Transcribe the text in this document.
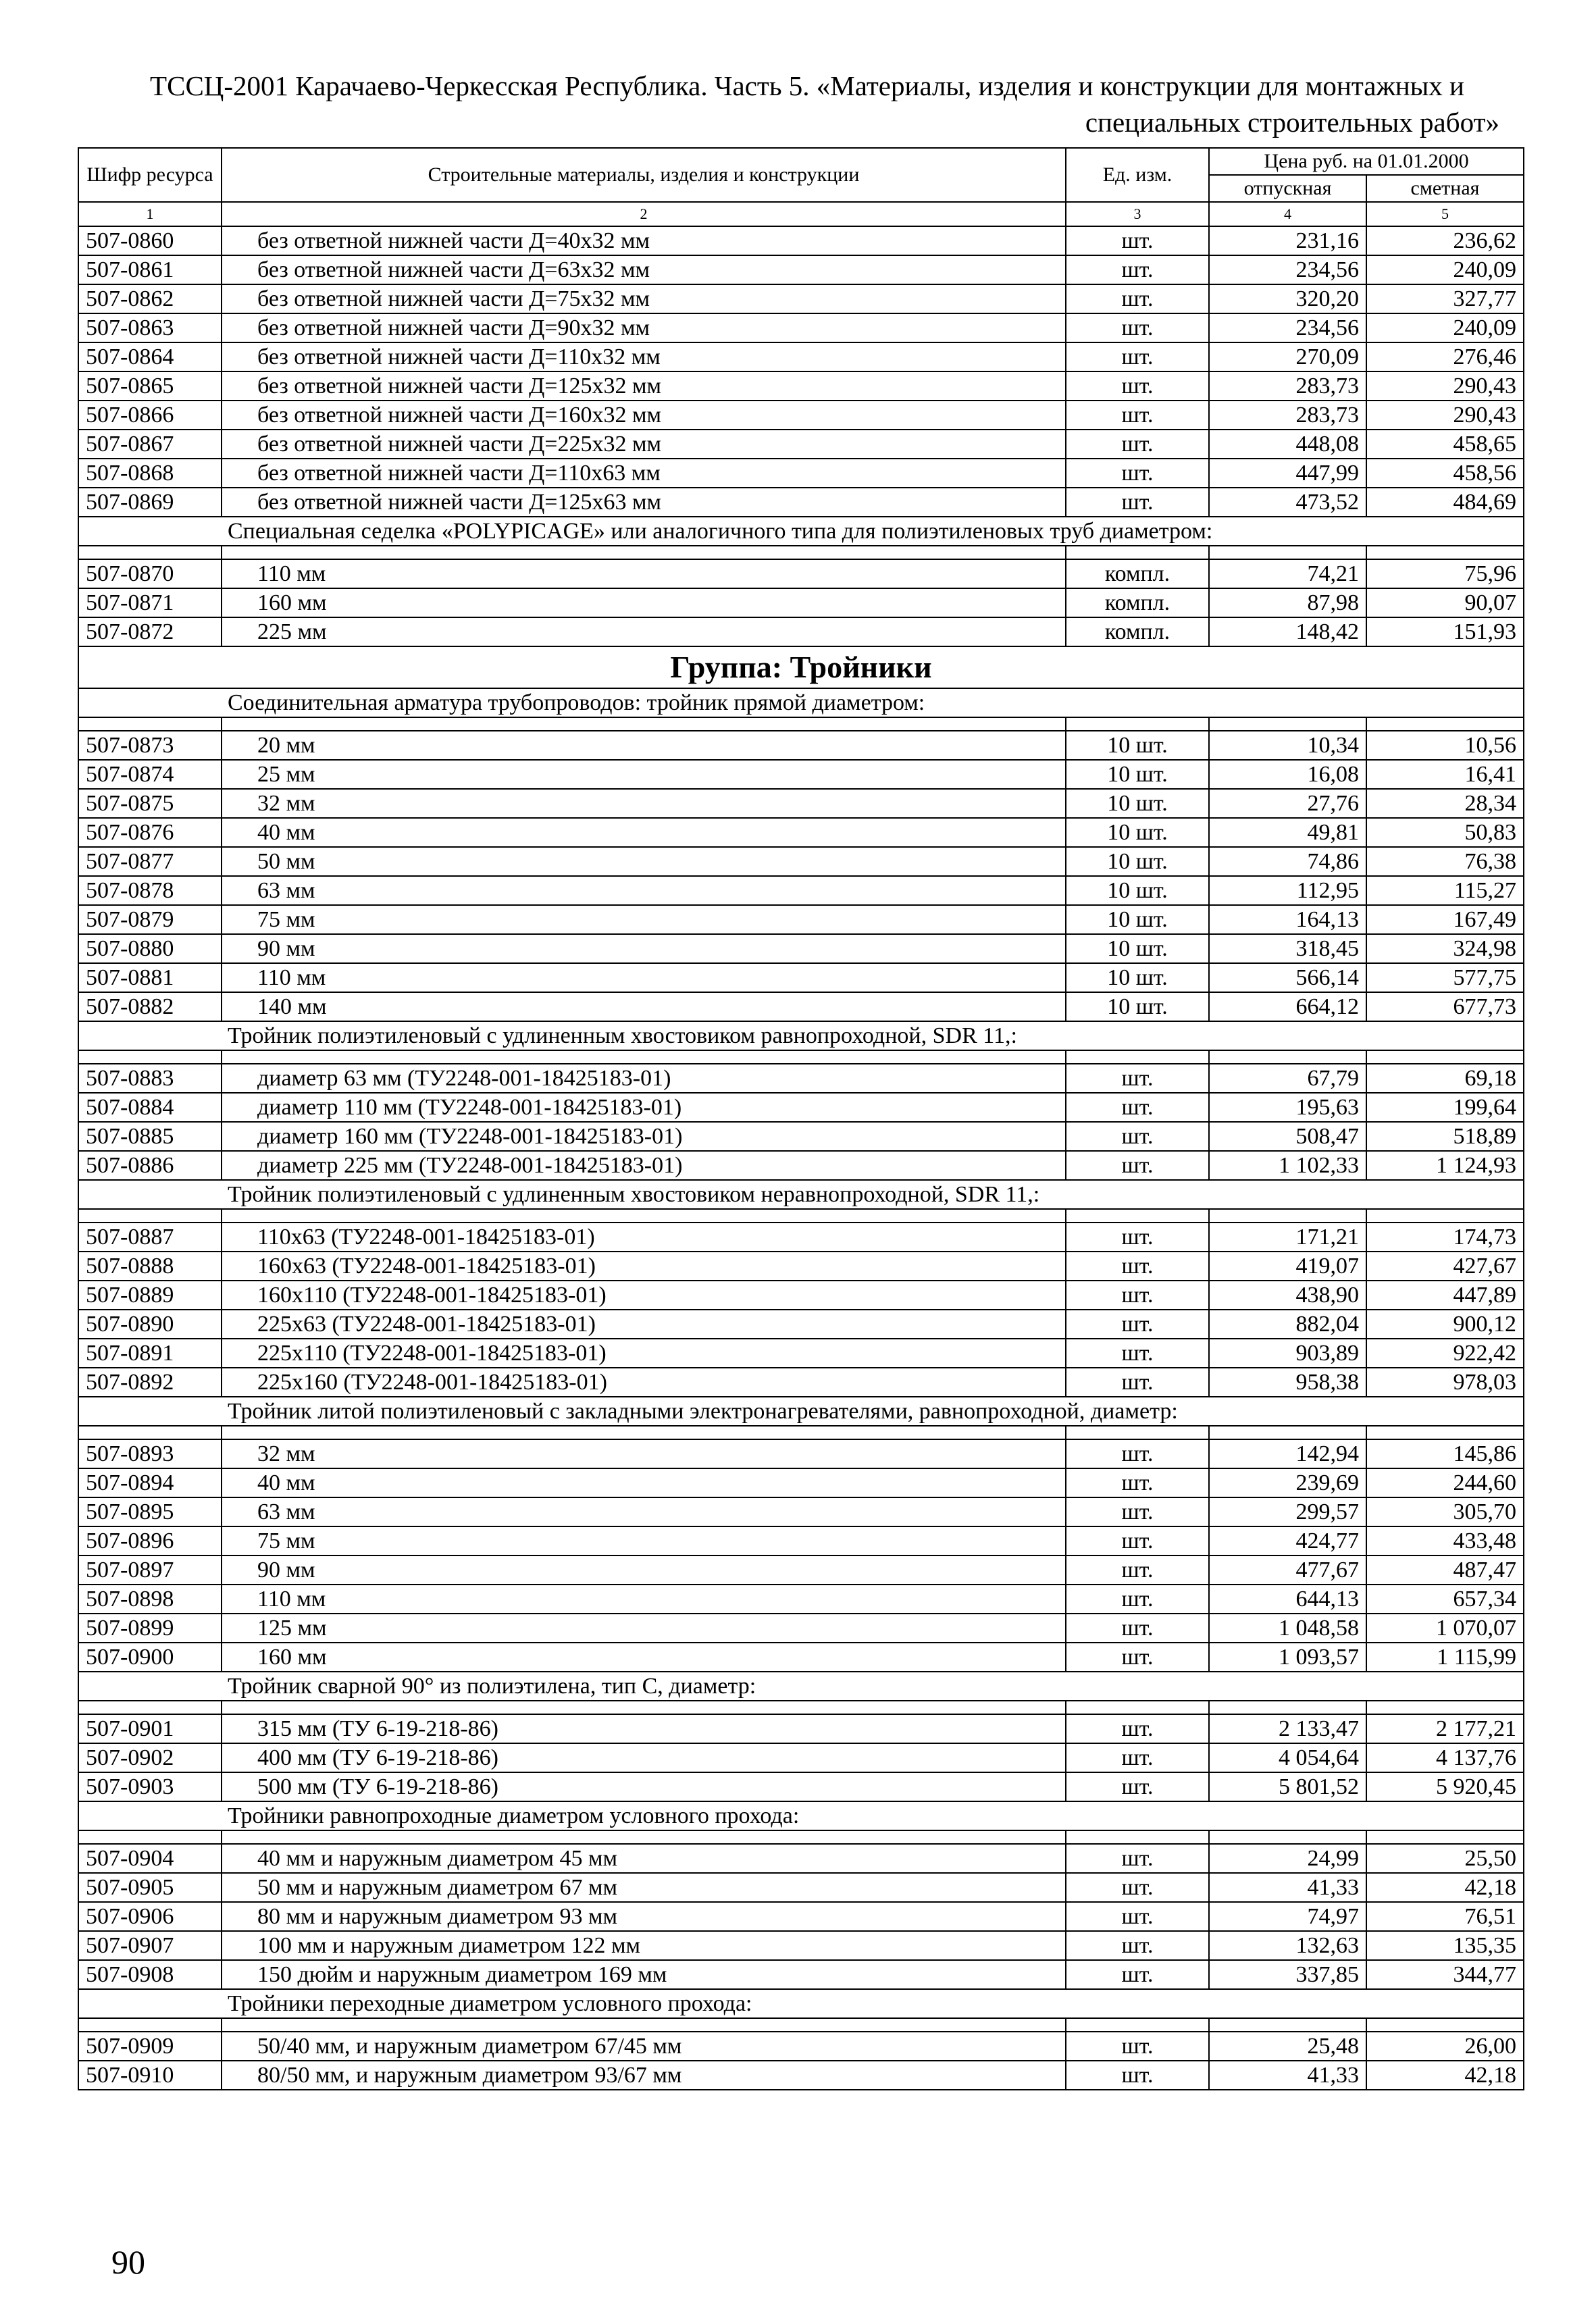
ТССЦ-2001 Карачаево-Черкесская Республика. Часть 5. «Материалы, изделия и конструкции для монтажных и
специальных строительных работ»
Шифр ресурса	Строительные материалы, изделия и конструкции	Ед. изм.	Цена руб. на 01.01.2000	
			отпускная	сметная
1	2	3	4	5
507-0860	без ответной нижней части Д=40х32 мм	шт.	231,16	236,62
507-0861	без ответной нижней части Д=63х32 мм	шт.	234,56	240,09
507-0862	без ответной нижней части Д=75х32 мм	шт.	320,20	327,77
507-0863	без ответной нижней части Д=90х32 мм	шт.	234,56	240,09
507-0864	без ответной нижней части Д=110х32 мм	шт.	270,09	276,46
507-0865	без ответной нижней части Д=125х32 мм	шт.	283,73	290,43
507-0866	без ответной нижней части Д=160х32 мм	шт.	283,73	290,43
507-0867	без ответной нижней части Д=225х32 мм	шт.	448,08	458,65
507-0868	без ответной нижней части Д=110х63 мм	шт.	447,99	458,56
507-0869	без ответной нижней части Д=125х63 мм	шт.	473,52	484,69
Специальная седелка «POLYPICAGE» или аналогичного типа для полиэтиленовых труб диаметром:				

507-0870	110 мм	компл.	74,21	75,96
507-0871	160 мм	компл.	87,98	90,07
507-0872	225 мм	компл.	148,42	151,93
Группа: Тройники				
Соединительная арматура трубопроводов: тройник прямой диаметром:				

507-0873	20 мм	10 шт.	10,34	10,56
507-0874	25 мм	10 шт.	16,08	16,41
507-0875	32 мм	10 шт.	27,76	28,34
507-0876	40 мм	10 шт.	49,81	50,83
507-0877	50 мм	10 шт.	74,86	76,38
507-0878	63 мм	10 шт.	112,95	115,27
507-0879	75 мм	10 шт.	164,13	167,49
507-0880	90 мм	10 шт.	318,45	324,98
507-0881	110 мм	10 шт.	566,14	577,75
507-0882	140 мм	10 шт.	664,12	677,73
Тройник полиэтиленовый с удлиненным хвостовиком равнопроходной, SDR 11,:				

507-0883	диаметр 63 мм (ТУ2248-001-18425183-01)	шт.	67,79	69,18
507-0884	диаметр 110 мм (ТУ2248-001-18425183-01)	шт.	195,63	199,64
507-0885	диаметр 160 мм (ТУ2248-001-18425183-01)	шт.	508,47	518,89
507-0886	диаметр 225 мм (ТУ2248-001-18425183-01)	шт.	1 102,33	1 124,93
Тройник полиэтиленовый с удлиненным хвостовиком неравнопроходной, SDR 11,:				

507-0887	110х63 (ТУ2248-001-18425183-01)	шт.	171,21	174,73
507-0888	160х63 (ТУ2248-001-18425183-01)	шт.	419,07	427,67
507-0889	160х110 (ТУ2248-001-18425183-01)	шт.	438,90	447,89
507-0890	225х63 (ТУ2248-001-18425183-01)	шт.	882,04	900,12
507-0891	225х110 (ТУ2248-001-18425183-01)	шт.	903,89	922,42
507-0892	225х160 (ТУ2248-001-18425183-01)	шт.	958,38	978,03
Тройник литой полиэтиленовый с закладными электронагревателями, равнопроходной, диаметр:				

507-0893	32 мм	шт.	142,94	145,86
507-0894	40 мм	шт.	239,69	244,60
507-0895	63 мм	шт.	299,57	305,70
507-0896	75 мм	шт.	424,77	433,48
507-0897	90 мм	шт.	477,67	487,47
507-0898	110 мм	шт.	644,13	657,34
507-0899	125 мм	шт.	1 048,58	1 070,07
507-0900	160 мм	шт.	1 093,57	1 115,99
Тройник сварной 90° из полиэтилена, тип С, диаметр:				

507-0901	315 мм (ТУ 6-19-218-86)	шт.	2 133,47	2 177,21
507-0902	400 мм (ТУ 6-19-218-86)	шт.	4 054,64	4 137,76
507-0903	500 мм (ТУ 6-19-218-86)	шт.	5 801,52	5 920,45
Тройники равнопроходные диаметром условного прохода:				

507-0904	40 мм и наружным диаметром 45 мм	шт.	24,99	25,50
507-0905	50 мм и наружным диаметром 67 мм	шт.	41,33	42,18
507-0906	80 мм и наружным диаметром 93 мм	шт.	74,97	76,51
507-0907	100 мм и наружным диаметром 122 мм	шт.	132,63	135,35
507-0908	150 дюйм и наружным диаметром 169 мм	шт.	337,85	344,77
Тройники переходные диаметром условного прохода:				

507-0909	50/40 мм, и наружным диаметром 67/45 мм	шт.	25,48	26,00
507-0910	80/50 мм, и наружным диаметром 93/67 мм	шт.	41,33	42,18
90
